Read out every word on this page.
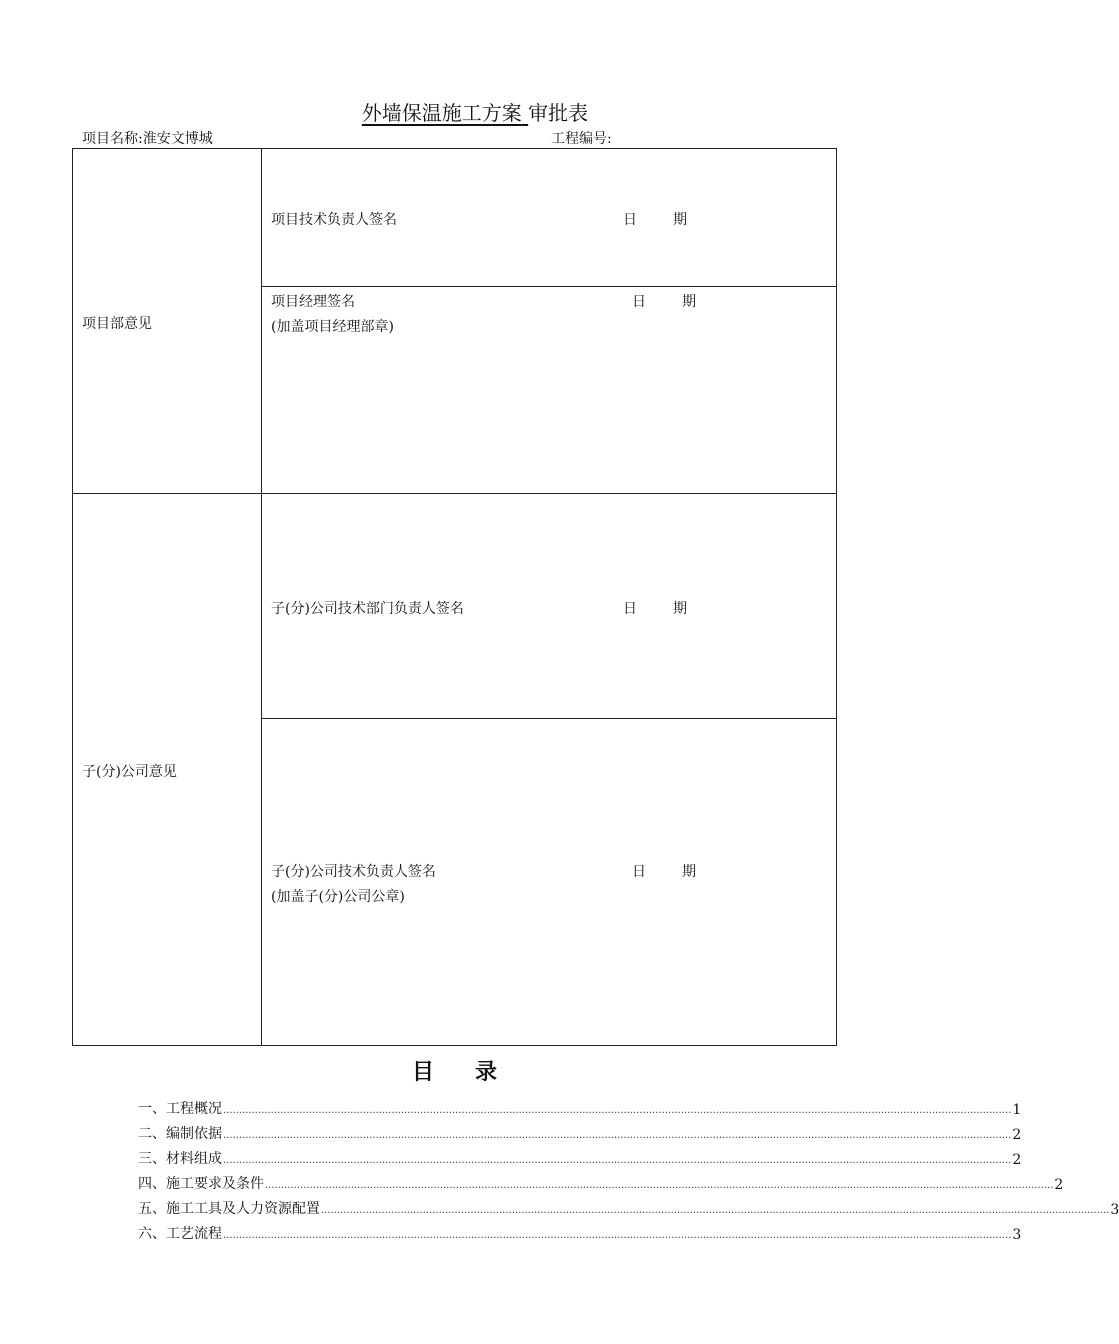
外墙保温施工方案 审批表
项目名称:淮安文博城	工程编号:
项目部意见
项目技术负责人签名	日	期
项目经理签名	日	期
(加盖项目经理部章)
子(分)公司意见
子(分)公司技术部门负责人签名	日	期
子(分)公司技术负责人签名	日	期
(加盖子(分)公司公章)
目 录
一、工程概况 ........................................................................................................................................................................................................................................................ 1
二、编制依据 ........................................................................................................................................................................................................................................................ 2
三、材料组成 ........................................................................................................................................................................................................................................................ 2
四、施工要求及条件 ........................................................................................................................................................................................................................................................ 2
五、施工工具及人力资源配置 ........................................................................................................................................................................................................................................................ 3
六、工艺流程 ........................................................................................................................................................................................................................................................ 3
